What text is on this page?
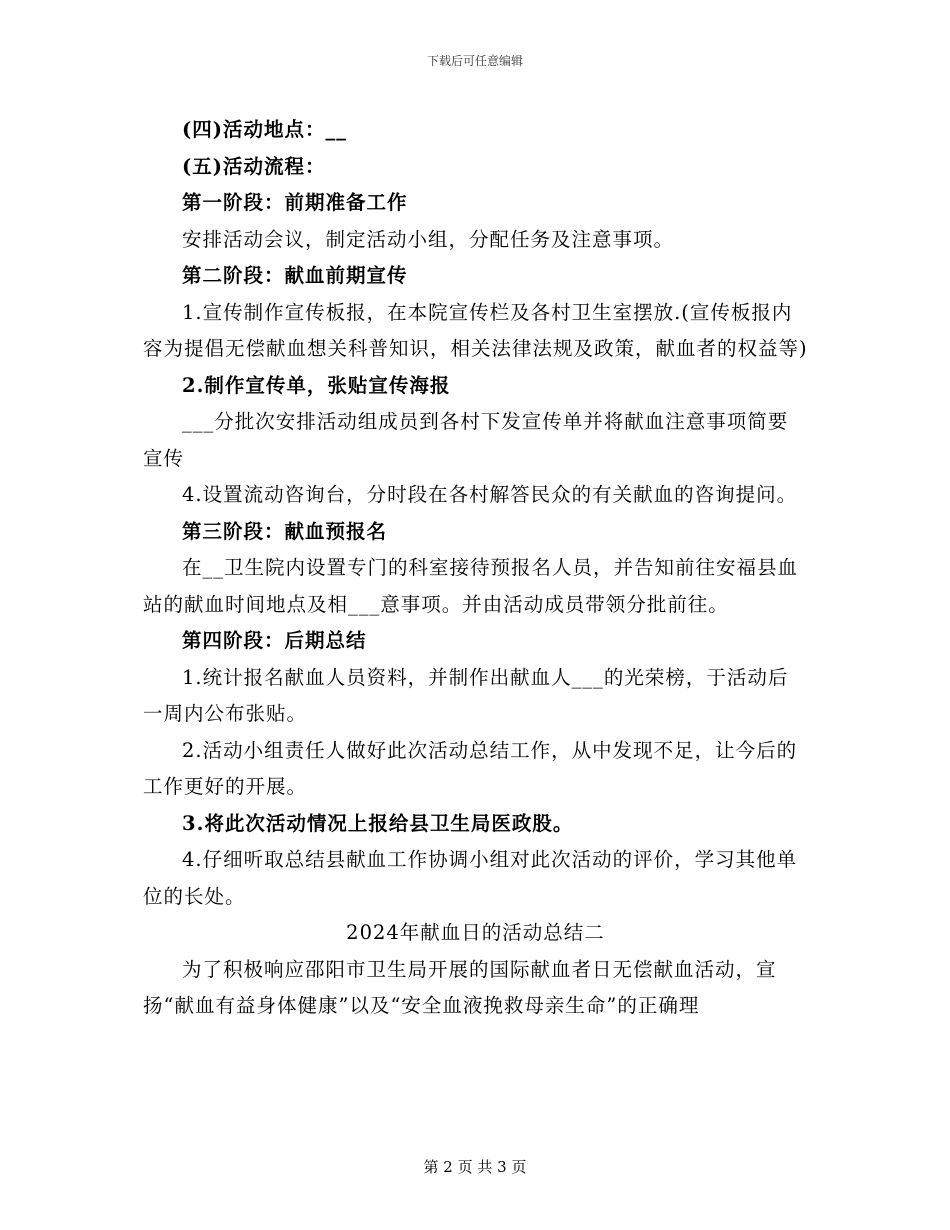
下载后可任意编辑

(四)活动地点：__

(五)活动流程：

第一阶段：前期准备工作

安排活动会议，制定活动小组，分配任务及注意事项。

第二阶段：献血前期宣传

1.宣传制作宣传板报，在本院宣传栏及各村卫生室摆放.(宣传板报内容为提倡无偿献血想关科普知识，相关法律法规及政策，献血者的权益等)

2.制作宣传单，张贴宣传海报

___分批次安排活动组成员到各村下发宣传单并将献血注意事项简要宣传

4.设置流动咨询台，分时段在各村解答民众的有关献血的咨询提问。

第三阶段：献血预报名

在__卫生院内设置专门的科室接待预报名人员，并告知前往安福县血站的献血时间地点及相___意事项。并由活动成员带领分批前往。

第四阶段：后期总结

1.统计报名献血人员资料，并制作出献血人___的光荣榜，于活动后一周内公布张贴。

2.活动小组责任人做好此次活动总结工作，从中发现不足，让今后的工作更好的开展。

3.将此次活动情况上报给县卫生局医政股。

4.仔细听取总结县献血工作协调小组对此次活动的评价，学习其他单位的长处。

2024年献血日的活动总结二

为了积极响应邵阳市卫生局开展的国际献血者日无偿献血活动，宣扬“献血有益身体健康”以及“安全血液挽救母亲生命”的正确理

第 2 页 共 3 页
